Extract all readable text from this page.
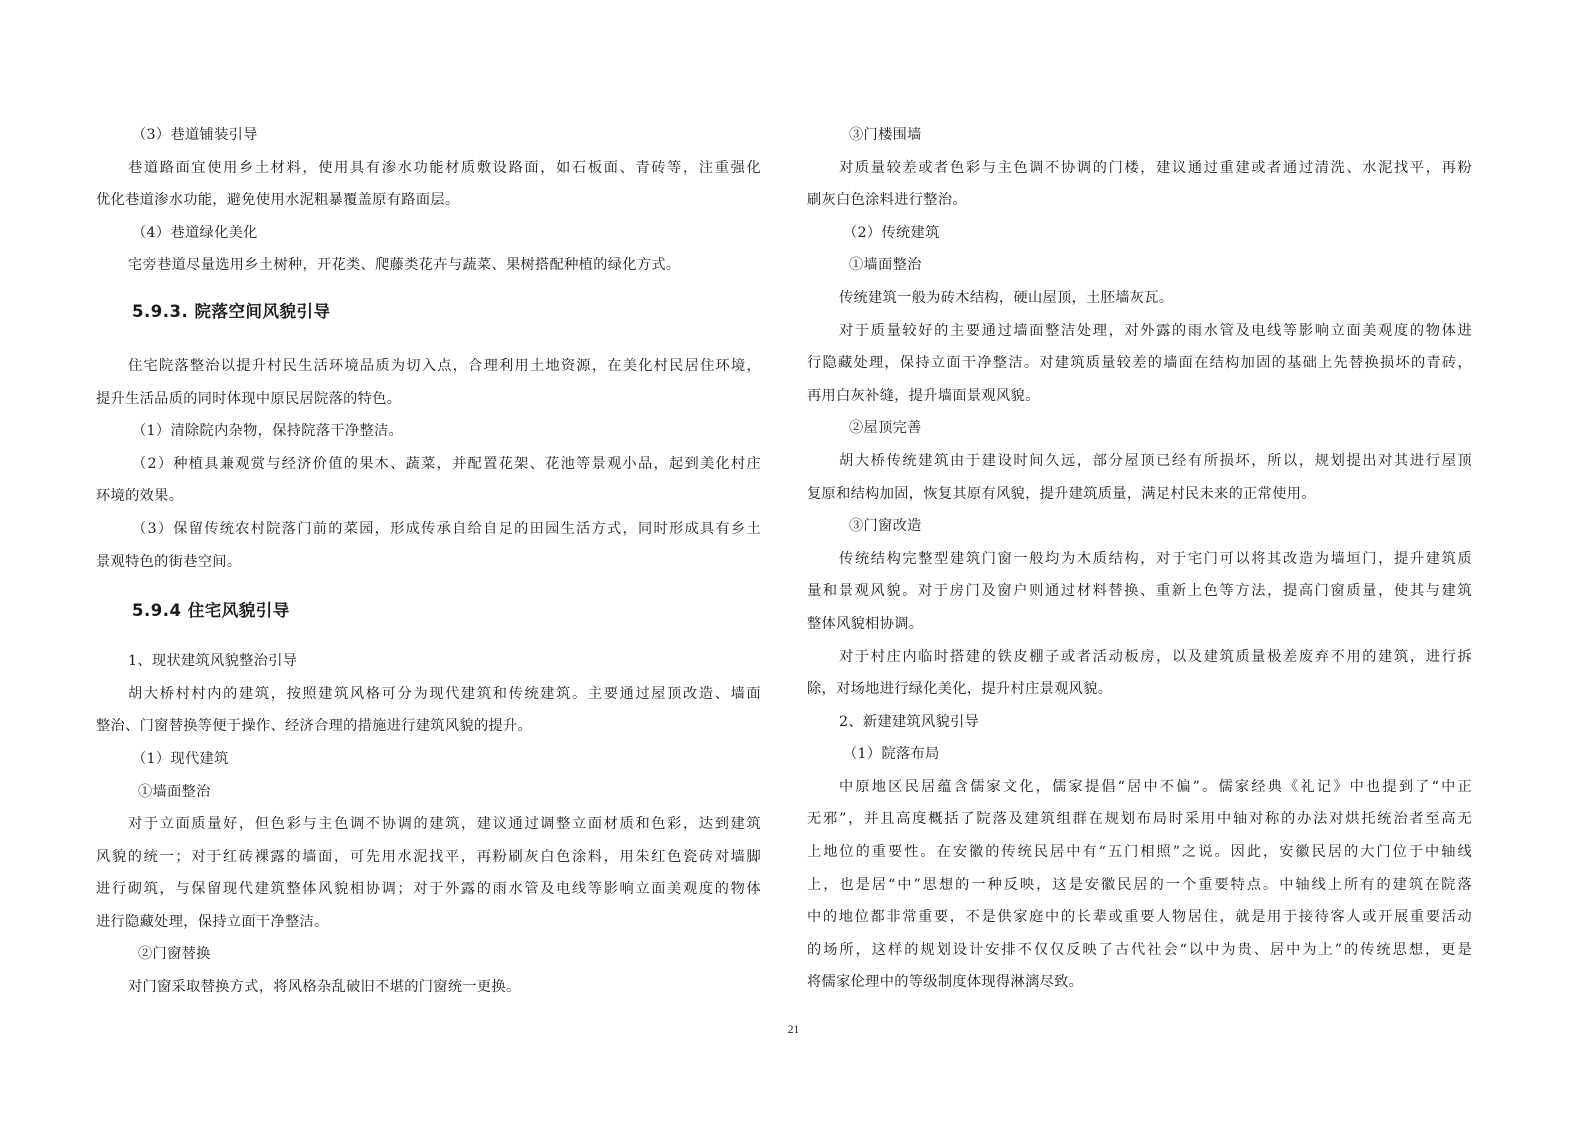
（3）巷道铺装引导
巷道路面宜使用乡土材料，使用具有渗水功能材质敷设路面，如石板面、青砖等，注重强化
优化巷道渗水功能，避免使用水泥粗暴覆盖原有路面层。
（4）巷道绿化美化
宅旁巷道尽量选用乡土树种，开花类、爬藤类花卉与蔬菜、果树搭配种植的绿化方式。
5.9.3. 院落空间风貌引导
住宅院落整治以提升村民生活环境品质为切入点，合理利用土地资源，在美化村民居住环境，
提升生活品质的同时体现中原民居院落的特色。
（1）清除院内杂物，保持院落干净整洁。
（2）种植具兼观赏与经济价值的果木、蔬菜，并配置花架、花池等景观小品，起到美化村庄
环境的效果。
（3）保留传统农村院落门前的菜园，形成传承自给自足的田园生活方式，同时形成具有乡土
景观特色的街巷空间。
5.9.4 住宅风貌引导
1、现状建筑风貌整治引导
胡大桥村村内的建筑，按照建筑风格可分为现代建筑和传统建筑。主要通过屋顶改造、墙面
整治、门窗替换等便于操作、经济合理的措施进行建筑风貌的提升。
（1）现代建筑
①墙面整治
对于立面质量好，但色彩与主色调不协调的建筑，建议通过调整立面材质和色彩，达到建筑
风貌的统一；对于红砖裸露的墙面，可先用水泥找平，再粉刷灰白色涂料，用朱红色瓷砖对墙脚
进行砌筑，与保留现代建筑整体风貌相协调；对于外露的雨水管及电线等影响立面美观度的物体
进行隐藏处理，保持立面干净整洁。
②门窗替换
对门窗采取替换方式，将风格杂乱破旧不堪的门窗统一更换。
③门楼围墙
对质量较差或者色彩与主色调不协调的门楼，建议通过重建或者通过清洗、水泥找平，再粉
刷灰白色涂料进行整治。
（2）传统建筑
①墙面整治
传统建筑一般为砖木结构，硬山屋顶，土胚墙灰瓦。
对于质量较好的主要通过墙面整洁处理，对外露的雨水管及电线等影响立面美观度的物体进
行隐藏处理，保持立面干净整洁。对建筑质量较差的墙面在结构加固的基础上先替换损坏的青砖，
再用白灰补缝，提升墙面景观风貌。
②屋顶完善
胡大桥传统建筑由于建设时间久远，部分屋顶已经有所损坏，所以，规划提出对其进行屋顶
复原和结构加固，恢复其原有风貌，提升建筑质量，满足村民未来的正常使用。
③门窗改造
传统结构完整型建筑门窗一般均为木质结构，对于宅门可以将其改造为墙垣门，提升建筑质
量和景观风貌。对于房门及窗户则通过材料替换、重新上色等方法，提高门窗质量，使其与建筑
整体风貌相协调。
对于村庄内临时搭建的铁皮棚子或者活动板房，以及建筑质量极差废弃不用的建筑，进行拆
除，对场地进行绿化美化，提升村庄景观风貌。
2、新建建筑风貌引导
（1）院落布局
中原地区民居蕴含儒家文化，儒家提倡“居中不偏”。儒家经典《礼记》中也提到了“中正
无邪”，并且高度概括了院落及建筑组群在规划布局时采用中轴对称的办法对烘托统治者至高无
上地位的重要性。在安徽的传统民居中有“五门相照”之说。因此，安徽民居的大门位于中轴线
上，也是居“中”思想的一种反映，这是安徽民居的一个重要特点。中轴线上所有的建筑在院落
中的地位都非常重要，不是供家庭中的长辈或重要人物居住，就是用于接待客人或开展重要活动
的场所，这样的规划设计安排不仅仅反映了古代社会“以中为贵、居中为上”的传统思想，更是
将儒家伦理中的等级制度体现得淋漓尽致。
21
